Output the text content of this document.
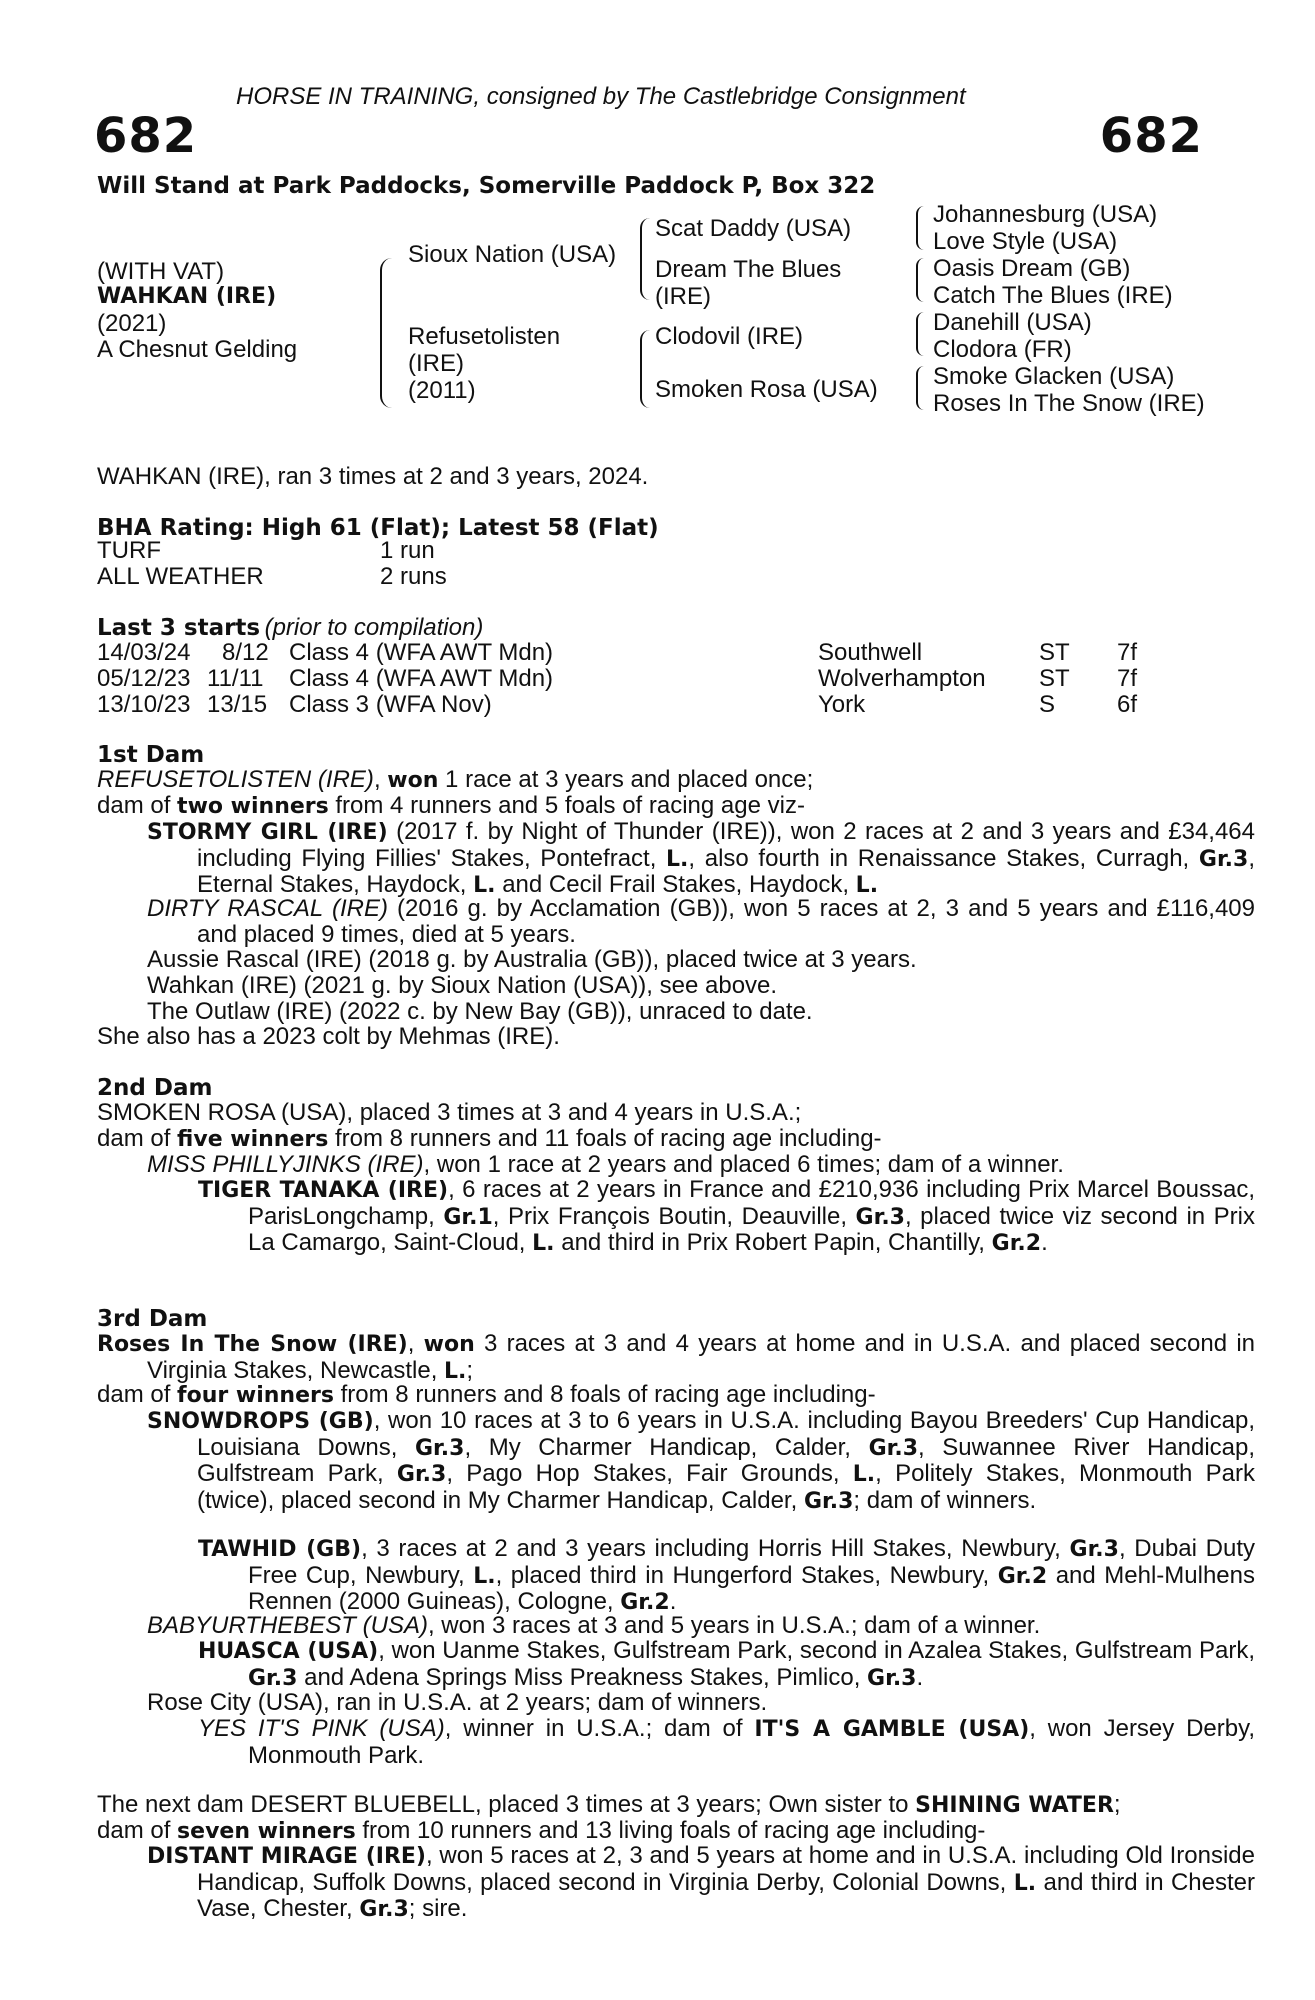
HORSE IN TRAINING, consigned by The Castlebridge Consignment
682	682
Will Stand at Park Paddocks, Somerville Paddock P, Box 322
(WITH VAT)
WAHKAN (IRE)
(2021)
A Chesnut Gelding
Sioux Nation (USA)
Refusetolisten
(IRE)
(2011)
Scat Daddy (USA)
Dream The Blues
(IRE)
Clodovil (IRE)
Smoken Rosa (USA)
Johannesburg (USA)
Love Style (USA)
Oasis Dream (GB)
Catch The Blues (IRE)
Danehill (USA)
Clodora (FR)
Smoke Glacken (USA)
Roses In The Snow (IRE)
WAHKAN (IRE), ran 3 times at 2 and 3 years, 2024.
BHA Rating: High 61 (Flat); Latest 58 (Flat)
TURF	1 run
ALL WEATHER	2 runs
Last 3 starts (prior to compilation)
14/03/24 8/12 Class 4 (WFA AWT Mdn)	Southwell	ST 7f
05/12/23 11/11 Class 4 (WFA AWT Mdn)	Wolverhampton ST 7f
13/10/23 13/15 Class 3 (WFA Nov)	York	S	6f
1st Dam
REFUSETOLISTEN (IRE), won 1 race at 3 years and placed once;
dam of two winners from 4 runners and 5 foals of racing age viz-
STORMY GIRL (IRE) (2017 f. by Night of Thunder (IRE)), won 2 races at 2 and 3 years and £34,464 including Flying Fillies' Stakes, Pontefract, L., also fourth in Renaissance Stakes, Curragh, Gr.3, Eternal Stakes, Haydock, L. and Cecil Frail Stakes, Haydock, L.
DIRTY RASCAL (IRE) (2016 g. by Acclamation (GB)), won 5 races at 2, 3 and 5 years and £116,409 and placed 9 times, died at 5 years.
Aussie Rascal (IRE) (2018 g. by Australia (GB)), placed twice at 3 years.
Wahkan (IRE) (2021 g. by Sioux Nation (USA)), see above.
The Outlaw (IRE) (2022 c. by New Bay (GB)), unraced to date.
She also has a 2023 colt by Mehmas (IRE).
2nd Dam
SMOKEN ROSA (USA), placed 3 times at 3 and 4 years in U.S.A.;
dam of five winners from 8 runners and 11 foals of racing age including-
MISS PHILLYJINKS (IRE), won 1 race at 2 years and placed 6 times; dam of a winner.
TIGER TANAKA (IRE), 6 races at 2 years in France and £210,936 including Prix Marcel Boussac, ParisLongchamp, Gr.1, Prix François Boutin, Deauville, Gr.3, placed twice viz second in Prix La Camargo, Saint-Cloud, L. and third in Prix Robert Papin, Chantilly, Gr.2.
3rd Dam
Roses In The Snow (IRE), won 3 races at 3 and 4 years at home and in U.S.A. and placed second in Virginia Stakes, Newcastle, L.;
dam of four winners from 8 runners and 8 foals of racing age including-
SNOWDROPS (GB), won 10 races at 3 to 6 years in U.S.A. including Bayou Breeders' Cup Handicap, Louisiana Downs, Gr.3, My Charmer Handicap, Calder, Gr.3, Suwannee River Handicap, Gulfstream Park, Gr.3, Pago Hop Stakes, Fair Grounds, L., Politely Stakes, Monmouth Park (twice), placed second in My Charmer Handicap, Calder, Gr.3; dam of winners.
TAWHID (GB), 3 races at 2 and 3 years including Horris Hill Stakes, Newbury, Gr.3, Dubai Duty Free Cup, Newbury, L., placed third in Hungerford Stakes, Newbury, Gr.2 and Mehl-Mulhens Rennen (2000 Guineas), Cologne, Gr.2.
BABYURTHEBEST (USA), won 3 races at 3 and 5 years in U.S.A.; dam of a winner.
HUASCA (USA), won Uanme Stakes, Gulfstream Park, second in Azalea Stakes, Gulfstream Park, Gr.3 and Adena Springs Miss Preakness Stakes, Pimlico, Gr.3.
Rose City (USA), ran in U.S.A. at 2 years; dam of winners.
YES IT'S PINK (USA), winner in U.S.A.; dam of IT'S A GAMBLE (USA), won Jersey Derby, Monmouth Park.
The next dam DESERT BLUEBELL, placed 3 times at 3 years; Own sister to SHINING WATER;
dam of seven winners from 10 runners and 13 living foals of racing age including-
DISTANT MIRAGE (IRE), won 5 races at 2, 3 and 5 years at home and in U.S.A. including Old Ironside Handicap, Suffolk Downs, placed second in Virginia Derby, Colonial Downs, L. and third in Chester Vase, Chester, Gr.3; sire.
